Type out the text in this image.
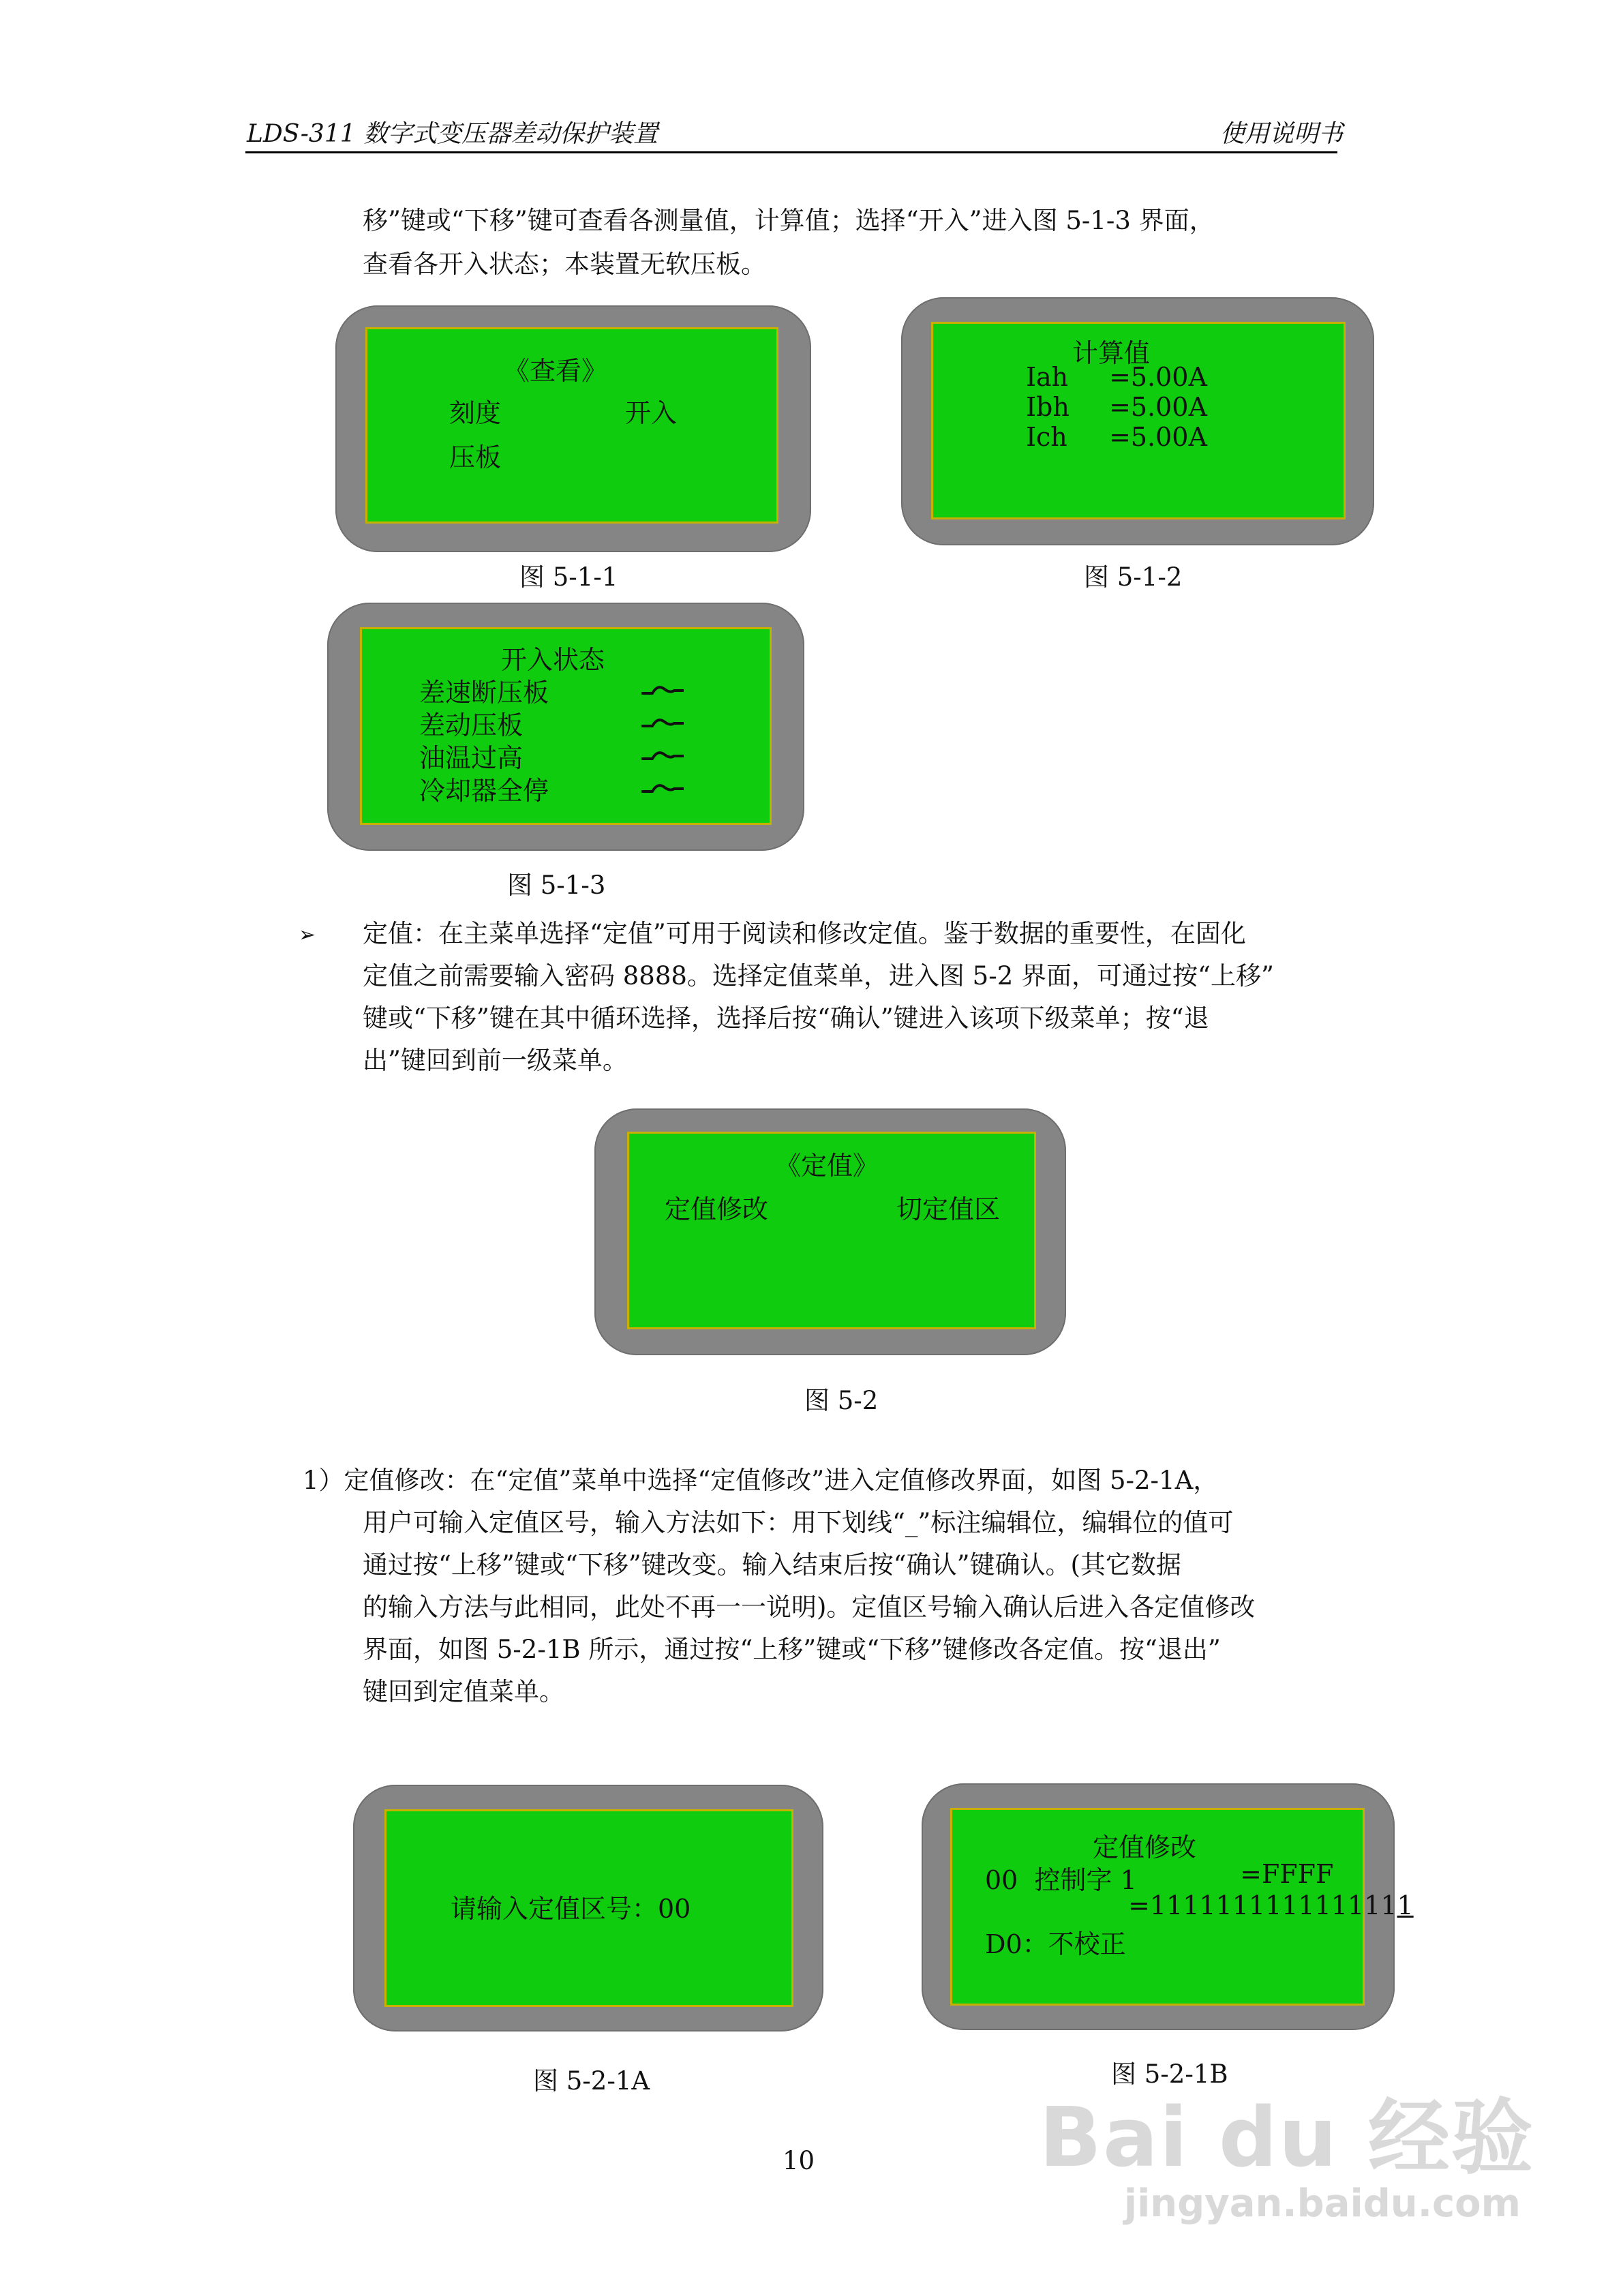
LDS-311 数字式变压器差动保护装置	使用说明书
移”键或“下移”键可查看各测量值，计算值；选择“开入”进入图 5-1-3 界面，
查看各开入状态；本装置无软压板。
《查看》
刻度	开入
压板
图 5-1-1
计算值
Iah =5.00A
Ibh =5.00A
Ich =5.00A
图 5-1-2
开入状态
差速断压板
差动压板
油温过高
冷却器全停
图 5-1-3
➢ 定值：在主菜单选择“定值”可用于阅读和修改定值。鉴于数据的重要性，在固化
定值之前需要输入密码 8888。选择定值菜单，进入图 5-2 界面，可通过按“上移”
键或“下移”键在其中循环选择，选择后按“确认”键进入该项下级菜单；按“退
出”键回到前一级菜单。
《定值》
定值修改	切定值区
图 5-2
1）定值修改：在“定值”菜单中选择“定值修改”进入定值修改界面，如图 5-2-1A，
用户可输入定值区号，输入方法如下：用下划线“_”标注编辑位，编辑位的值可
通过按“上移”键或“下移”键改变。输入结束后按“确认”键确认。(其它数据
的输入方法与此相同，此处不再一一说明)。定值区号输入确认后进入各定值修改
界面，如图 5-2-1B 所示，通过按“上移”键或“下移”键修改各定值。按“退出”
键回到定值菜单。
请输入定值区号：00
图 5-2-1A
定值修改
00  控制字 1	=FFFF
=1111111111111111
D0：不校正
图 5-2-1B
10	Bai du 经验
jingyan.baidu.com
